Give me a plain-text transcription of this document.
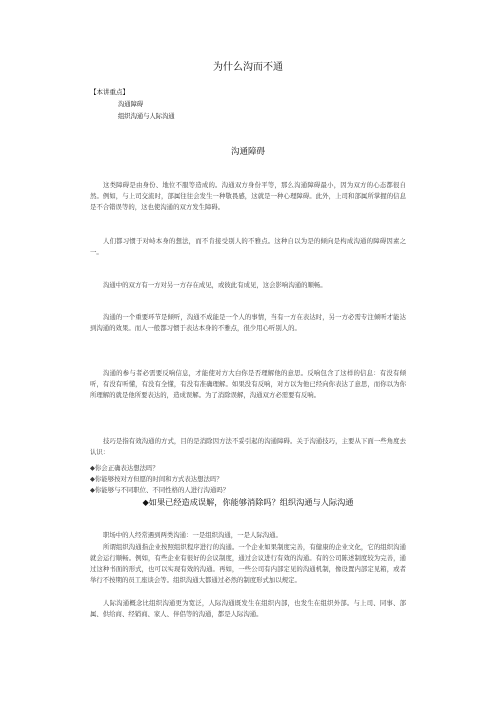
为什么沟而不通
【本讲重点】
沟通障碍
组织沟通与人际沟通
沟通障碍

这类障碍是由身份、地位不服等造成的。沟通双方身份平等，那么沟通障碍最小，因为双方的心态都很自然。例如，与上司交流时，部属往往会发生一种敬畏感，这就是一种心理障碍。此外，上司和部属所掌握的信息是不合错误等的，这也使沟通的双方发生障碍。

人们都习惯于对峙本身的想法，而不肯接受别人的不雅点。这种自以为是的倾向是构成沟通的障碍因素之一。

沟通中的双方有一方对另一方存在成见，或彼此有成见，这会影响沟通的顺畅。

沟通的一个重要环节是倾听，沟通不成能是一个人的事情，当有一方在表达时，另一方必需专注倾听才能达到沟通的效果。而人一般都习惯于表达本身的不雅点，很少用心听别人的。

沟通的参与者必需要反响信息，才能使对方大白你是否理解他的意思。反响包含了这样的信息：有没有倾听，有没有听懂，有没有全懂，有没有准确理解。如果没有反响，对方以为他已经向你表达了意思，而你以为你所理解的就是他所要表达的，造成误解。为了消除误解，沟通双方必需要有反响。

技巧是指有效沟通的方式，目的是消除因方法不妥引起的沟通障碍。关于沟通技巧，主要从下面一些角度去认识：

◆你会正确表达想法吗？
◆你能够按对方但愿的时间和方式表达想法吗？
◆你能够与不同职位、不同性格的人进行沟通吗？
◆如果已经造成误解，你能够消除吗？组织沟通与人际沟通

职场中的人经常遇到两类沟通：一是组织沟通，一是人际沟通。

所谓组织沟通指企业按照组织程序进行的沟通。一个企业如果制度完善，有健康的企业文化，它的组织沟通就会运行顺畅。例如，有些企业有很好的会议制度，通过会议进行有效的沟通。有的公司陈述制度较为完善，通过这种书面的形式，也可以实现有效的沟通。再如，一些公司有内部定见的沟通机制，像设置内部定见箱，或者举行不按期的员工座谈会等。组织沟通大都通过必然的制度形式加以规定。

人际沟通概念比组织沟通更为宽泛，人际沟通既发生在组织内部，也发生在组织外部。与上司、同事、部属、供给商、经销商、家人、伴侣等的沟通，都是人际沟通。
